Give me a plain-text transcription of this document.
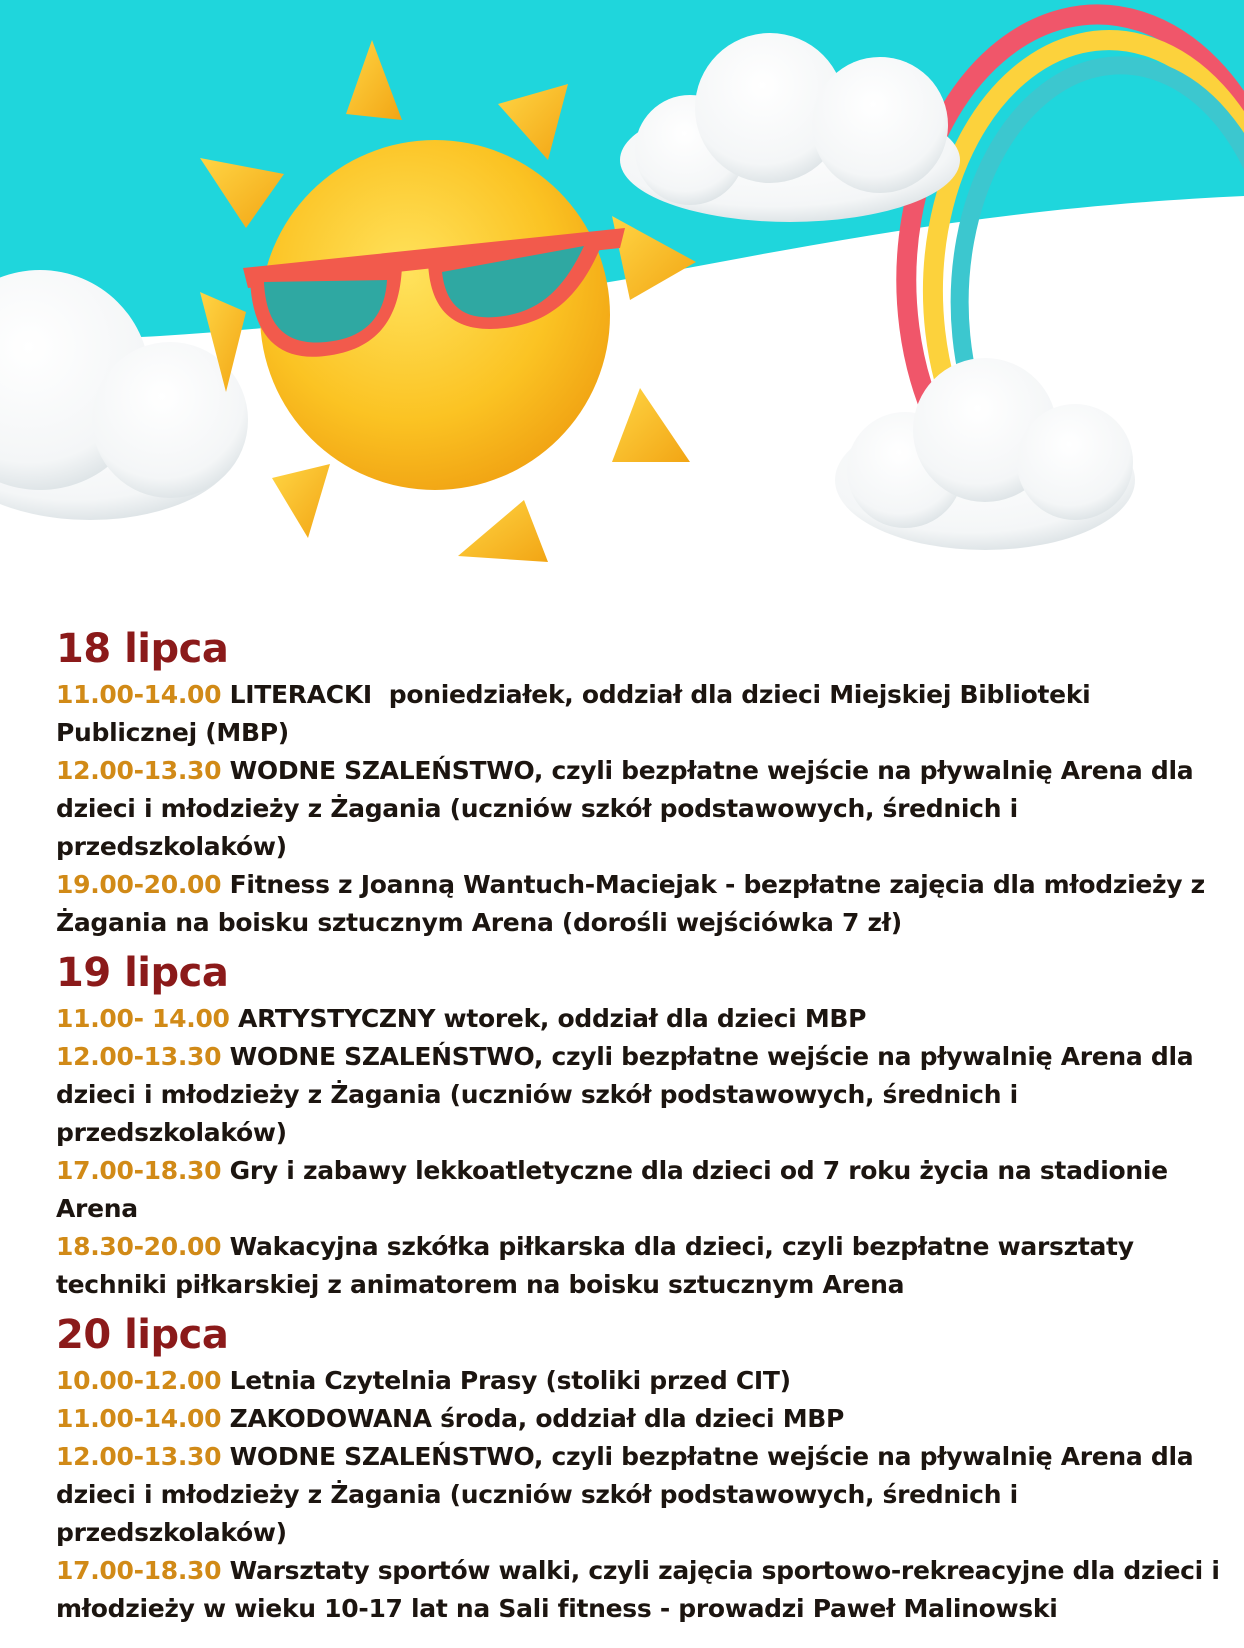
18 lipca
11.00-14.00 LITERACKI  poniedziałek, oddział dla dzieci Miejskiej Biblioteki Publicznej (MBP)
12.00-13.30 WODNE SZALEŃSTWO, czyli bezpłatne wejście na pływalnię Arena dla dzieci i młodzieży z Żagania (uczniów szkół podstawowych, średnich i przedszkolaków)
19.00-20.00 Fitness z Joanną Wantuch-Maciejak - bezpłatne zajęcia dla młodzieży z Żagania na boisku sztucznym Arena (dorośli wejściówka 7 zł)
19 lipca
11.00- 14.00 ARTYSTYCZNY wtorek, oddział dla dzieci MBP
12.00-13.30 WODNE SZALEŃSTWO, czyli bezpłatne wejście na pływalnię Arena dla dzieci i młodzieży z Żagania (uczniów szkół podstawowych, średnich i przedszkolaków)
17.00-18.30 Gry i zabawy lekkoatletyczne dla dzieci od 7 roku życia na stadionie Arena
18.30-20.00 Wakacyjna szkółka piłkarska dla dzieci, czyli bezpłatne warsztaty techniki piłkarskiej z animatorem na boisku sztucznym Arena
20 lipca
10.00-12.00 Letnia Czytelnia Prasy (stoliki przed CIT)
11.00-14.00 ZAKODOWANA środa, oddział dla dzieci MBP
12.00-13.30 WODNE SZALEŃSTWO, czyli bezpłatne wejście na pływalnię Arena dla dzieci i młodzieży z Żagania (uczniów szkół podstawowych, średnich i przedszkolaków)
17.00-18.30 Warsztaty sportów walki, czyli zajęcia sportowo-rekreacyjne dla dzieci i młodzieży w wieku 10-17 lat na Sali fitness - prowadzi Paweł Malinowski
